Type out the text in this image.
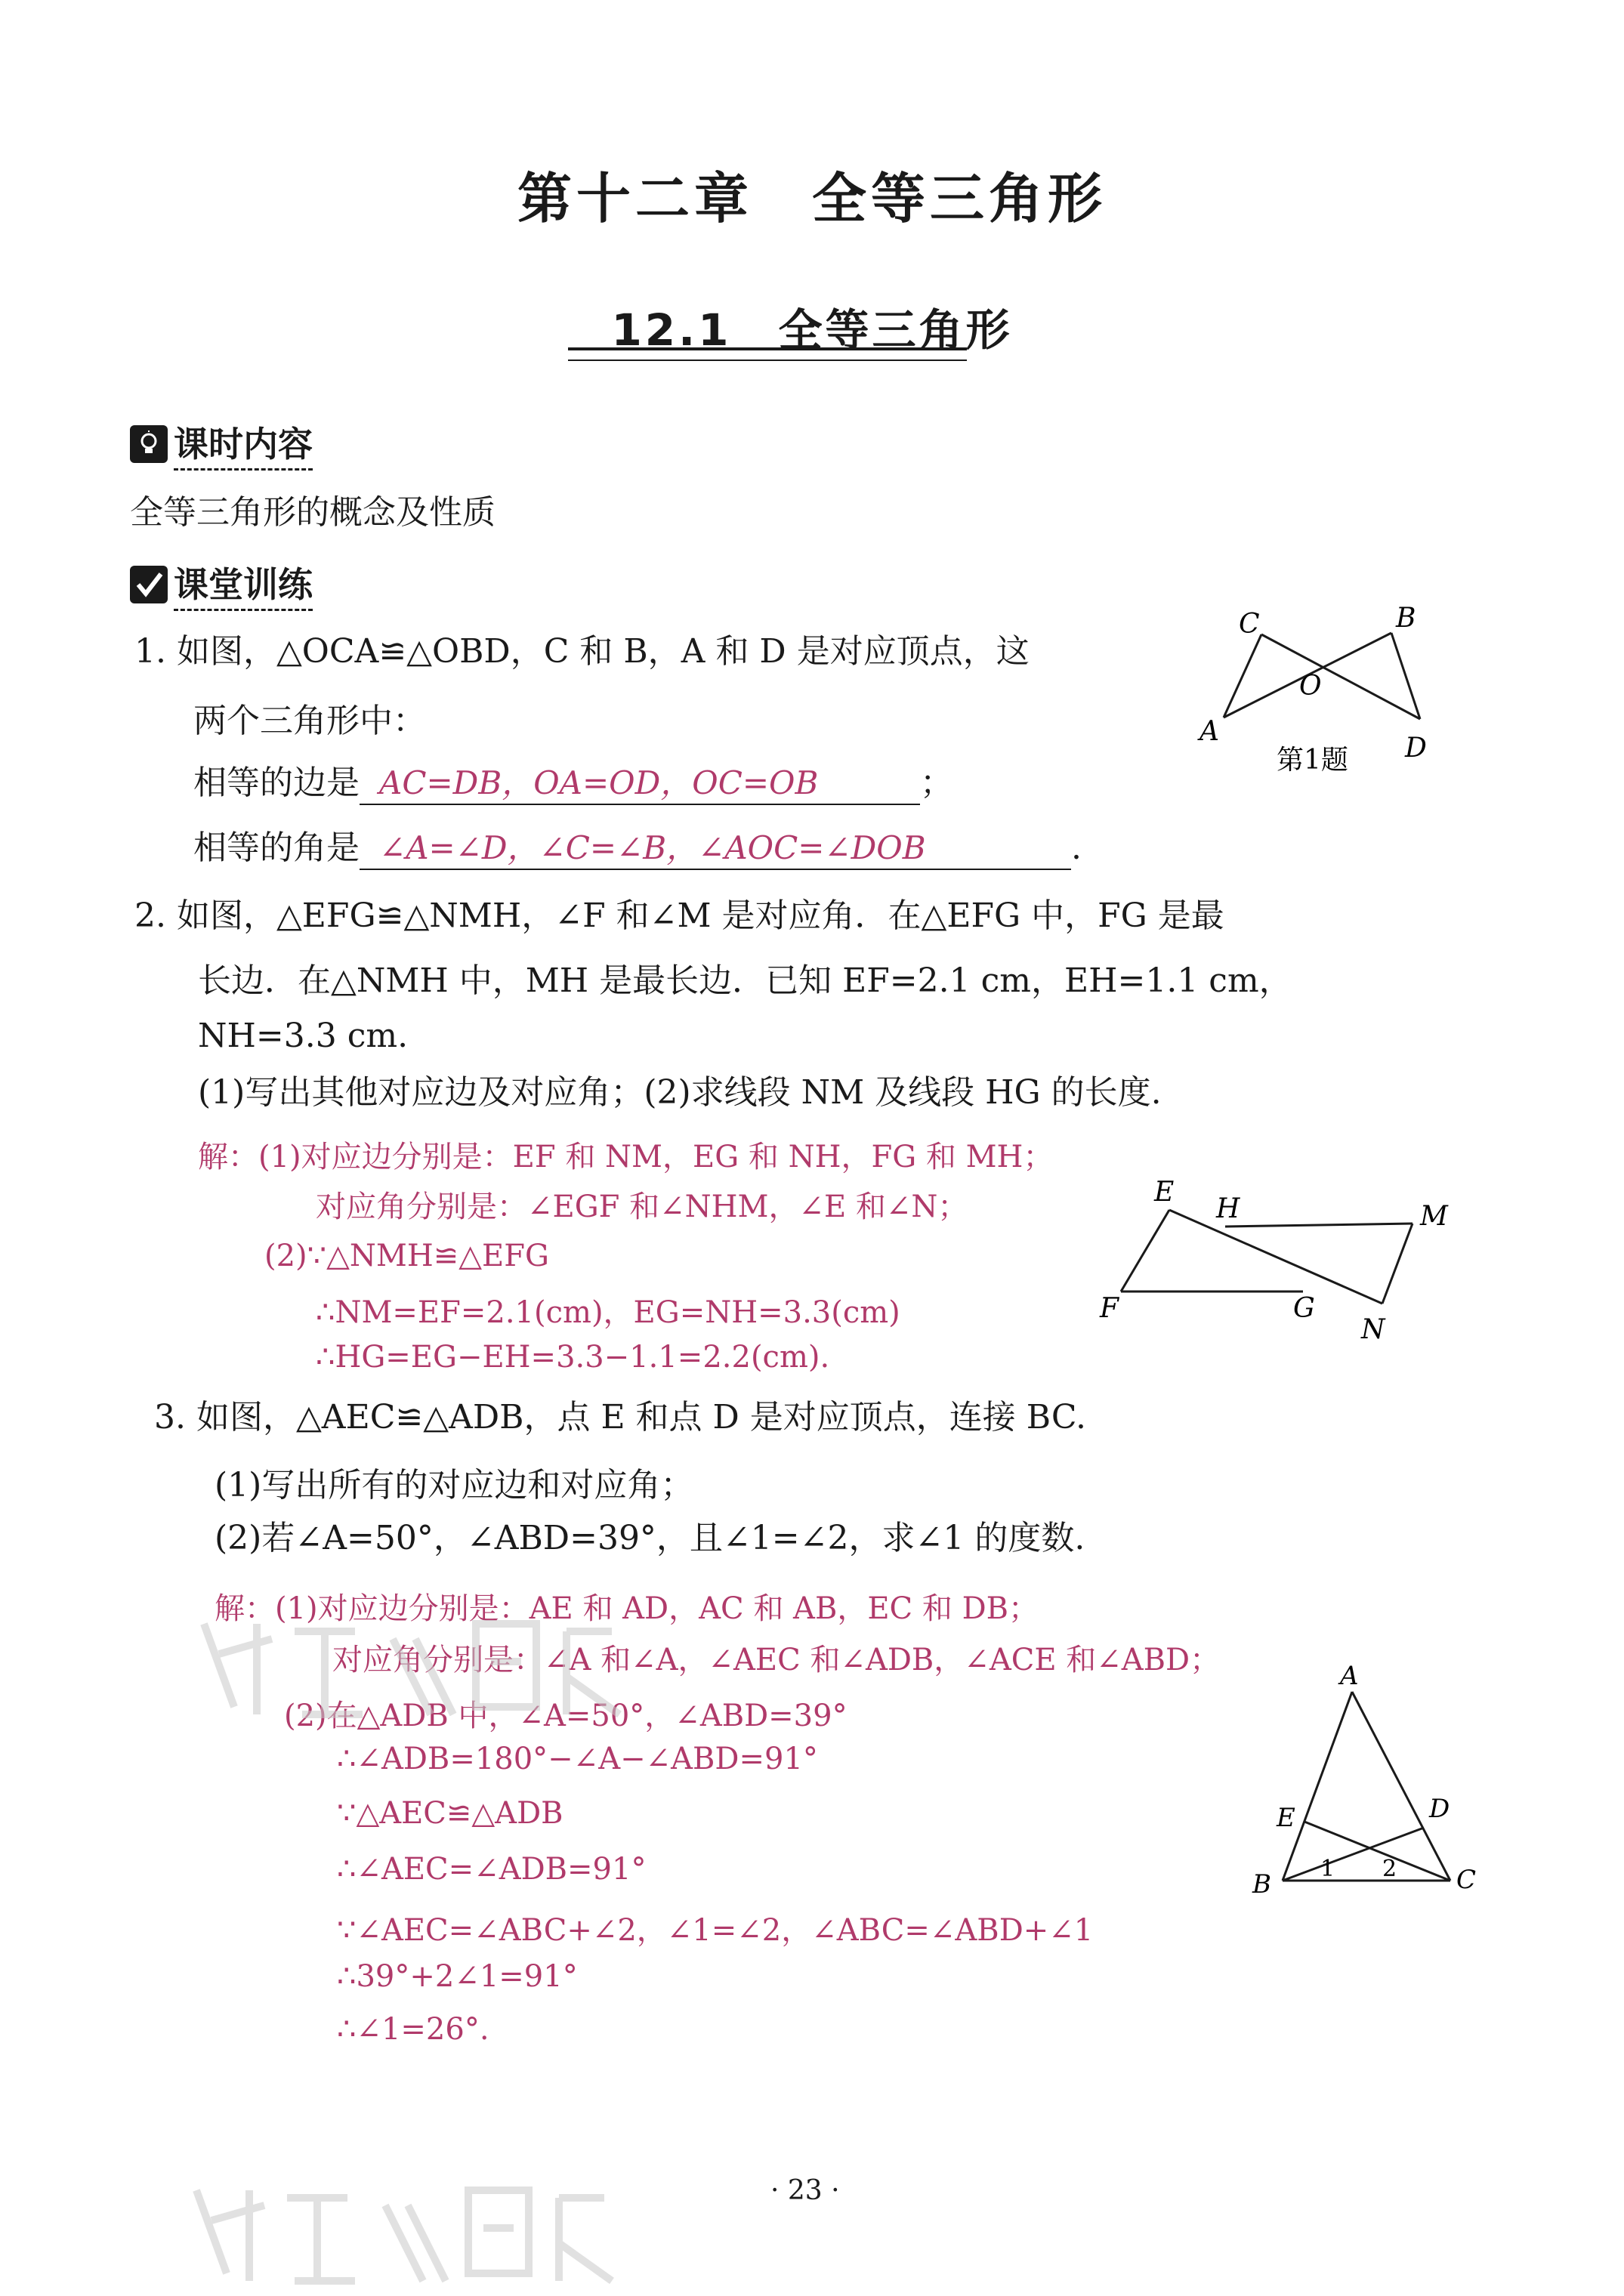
第十二章　全等三角形
12.1　全等三角形
课时内容
全等三角形的概念及性质
课堂训练
1. 如图，△OCA≌△OBD，C 和 B，A 和 D 是对应顶点，这
两个三角形中：
相等的边是 AC=DB，OA=OD，OC=OB	；
相等的角是 ∠A=∠D，∠C=∠B，∠AOC=∠DOB	.
C	B
O
A
D
第1题
2. 如图，△EFG≌△NMH，∠F 和∠M 是对应角．在△EFG 中，FG 是最
长边．在△NMH 中，MH 是最长边．已知 EF=2.1 cm，EH=1.1 cm，
NH=3.3 cm.
(1)写出其他对应边及对应角；(2)求线段 NM 及线段 HG 的长度.
解：(1)对应边分别是：EF 和 NM，EG 和 NH，FG 和 MH；
对应角分别是：∠EGF 和∠NHM，∠E 和∠N；
(2)∵△NMH≌△EFG
∴NM=EF=2.1(cm)，EG=NH=3.3(cm)
∴HG=EG−EH=3.3−1.1=2.2(cm).
E
H	M
F	G
N
3. 如图，△AEC≌△ADB，点 E 和点 D 是对应顶点，连接 BC.
(1)写出所有的对应边和对应角；
(2)若∠A=50°，∠ABD=39°，且∠1=∠2，求∠1 的度数.
解：(1)对应边分别是：AE 和 AD，AC 和 AB，EC 和 DB；
对应角分别是：∠A 和∠A，∠AEC 和∠ADB，∠ACE 和∠ABD；
(2)在△ADB 中，∠A=50°，∠ABD=39°
∴∠ADB=180°−∠A−∠ABD=91°
∵△AEC≌△ADB
∴∠AEC=∠ADB=91°
∵∠AEC=∠ABC+∠2，∠1=∠2，∠ABC=∠ABD+∠1
∴39°+2∠1=91°
∴∠1=26°.
A
E	D
B	C
1 2
· 23 ·
